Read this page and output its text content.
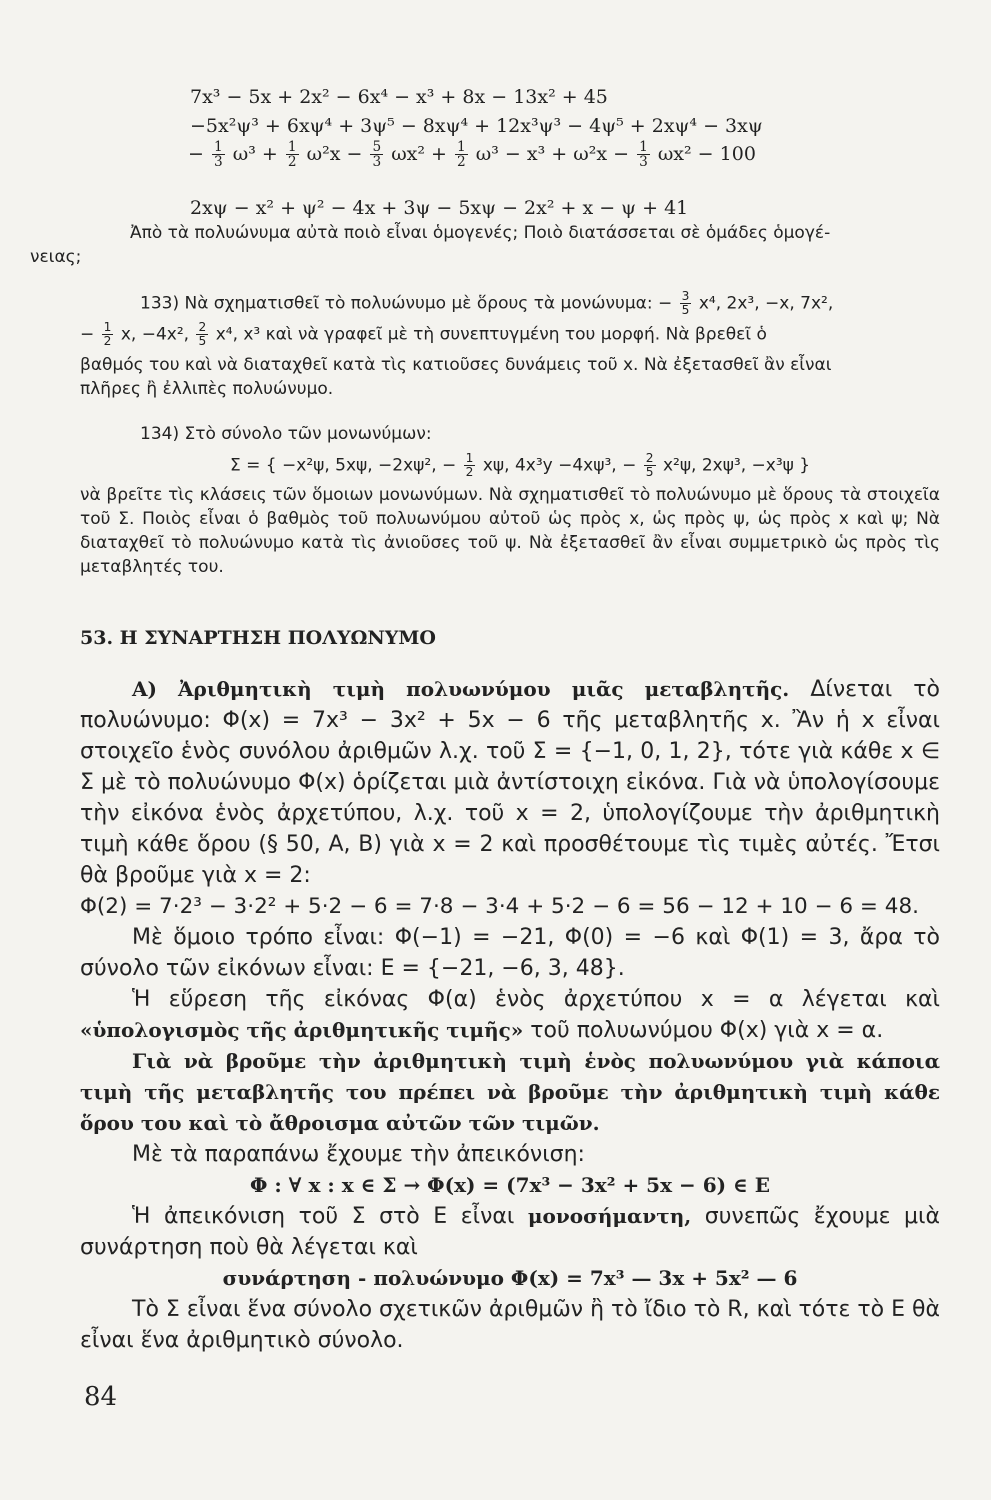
7x³ − 5x + 2x² − 6x⁴ − x³ + 8x − 13x² + 45
−5x²ψ³ + 6xψ⁴ + 3ψ⁵ − 8xψ⁴ + 12x³ψ³ − 4ψ⁵ + 2xψ⁴ − 3xψ
− $\frac{1}{3} \omega^3 + \frac{1}{2} \omega^2x - \frac{5}{3} \omega x^2 + \frac{1}{2} \omega^3 - x^3 + \omega^2x - \frac{1}{3} \omega x^2 - 100$
2xψ − x² + ψ² − 4x + 3ψ − 5xψ − 2x² + x − ψ + 41
Ἀπὸ τὰ πολυώνυμα αὐτὰ ποιὸ εἶναι ὁμογενές; Ποιὸ διατάσσεται σὲ ὁμάδες ὁμογέ-
νειας;
133) Νὰ σχηματισθεῖ τὸ πολυώνυμο μὲ ὅρους τὰ μονώνυμα: − $\frac{3}{5} x^4$, 2x³, −x, 7x²,
− $\frac{1}{2} x$, −4x², $\frac{2}{5} x^4$, x³ καὶ νὰ γραφεῖ μὲ τὴ συνεπτυγμένη του μορφή. Νὰ βρεθεῖ ὁ
βαθμός του καὶ νὰ διαταχθεῖ κατὰ τὶς κατιοῦσες δυνάμεις τοῦ x. Νὰ ἐξετασθεῖ ἂν εἶναι
πλῆρες ἢ ἐλλιπὲς πολυώνυμο.
134) Στὸ σύνολο τῶν μονωνύμων:
Σ = { −x²ψ, 5xψ, −2xψ², − $\frac{1}{2} x\psi$, 4x³y −4xψ³, − $\frac{2}{5} x^2\psi$, 2xψ³, −x³ψ }
νὰ βρεῖτε τὶς κλάσεις τῶν ὅμοιων μονωνύμων. Νὰ σχηματισθεῖ τὸ πολυώνυμο μὲ ὅρους τὰ στοιχεῖα τοῦ Σ. Ποιὸς εἶναι ὁ βαθμὸς τοῦ πολυωνύμου αὐτοῦ ὡς πρὸς x, ὡς πρὸς ψ, ὡς πρὸς x καὶ ψ; Νὰ διαταχθεῖ τὸ πολυώνυμο κατὰ τὶς ἀνιοῦσες τοῦ ψ. Νὰ ἐξετασθεῖ ἂν εἶναι συμμετρικὸ ὡς πρὸς τὶς μεταβλητές του.
53. Η ΣΥΝΑΡΤΗΣΗ ΠΟΛΥΩΝΥΜΟ
Α) Ἀριθμητικὴ τιμὴ πολυωνύμου μιᾶς μεταβλητῆς. Δίνεται τὸ πολυώνυμο: Φ(x) = 7x³ − 3x² + 5x − 6 τῆς μεταβλητῆς x. Ἂν ἡ x εἶναι στοιχεῖο ἑνὸς συνόλου ἀριθμῶν λ.χ. τοῦ Σ = {−1, 0, 1, 2}, τότε γιὰ κάθε x ∈ Σ μὲ τὸ πολυώνυμο Φ(x) ὁρίζεται μιὰ ἀντίστοιχη εἰκόνα. Γιὰ νὰ ὑπολογίσουμε τὴν εἰκόνα ἑνὸς ἀρχετύπου, λ.χ. τοῦ x = 2, ὑπολογίζουμε τὴν ἀριθμητικὴ τιμὴ κάθε ὅρου (§ 50, Α, Β) γιὰ x = 2 καὶ προσθέτουμε τὶς τιμὲς αὐτές. Ἔτσι θὰ βροῦμε γιὰ x = 2:
Φ(2) = 7·2³ − 3·2² + 5·2 − 6 = 7·8 − 3·4 + 5·2 − 6 = 56 − 12 + 10 − 6 = 48.
Μὲ ὅμοιο τρόπο εἶναι: Φ(−1) = −21, Φ(0) = −6 καὶ Φ(1) = 3, ἄρα τὸ σύνολο τῶν εἰκόνων εἶναι: Ε = {−21, −6, 3, 48}.
Ἡ εὕρεση τῆς εἰκόνας Φ(α) ἑνὸς ἀρχετύπου x = α λέγεται καὶ «ὑπολογισμὸς τῆς ἀριθμητικῆς τιμῆς» τοῦ πολυωνύμου Φ(x) γιὰ x = α.
Γιὰ νὰ βροῦμε τὴν ἀριθμητικὴ τιμὴ ἑνὸς πολυωνύμου γιὰ κάποια τιμὴ τῆς μεταβλητῆς του πρέπει νὰ βροῦμε τὴν ἀριθμητικὴ τιμὴ κάθε ὅρου του καὶ τὸ ἄθροισμα αὐτῶν τῶν τιμῶν.
Μὲ τὰ παραπάνω ἔχουμε τὴν ἀπεικόνιση:
Φ : ∀ x : x ∈ Σ → Φ(x) = (7x³ − 3x² + 5x − 6) ∈ Ε
Ἡ ἀπεικόνιση τοῦ Σ στὸ Ε εἶναι μονοσήμαντη, συνεπῶς ἔχουμε μιὰ συνάρτηση ποὺ θὰ λέγεται καὶ
συνάρτηση - πολυώνυμο Φ(x) = 7x³ — 3x + 5x² — 6
Τὸ Σ εἶναι ἕνα σύνολο σχετικῶν ἀριθμῶν ἢ τὸ ἴδιο τὸ R, καὶ τότε τὸ Ε θὰ εἶναι ἕνα ἀριθμητικὸ σύνολο.
84
